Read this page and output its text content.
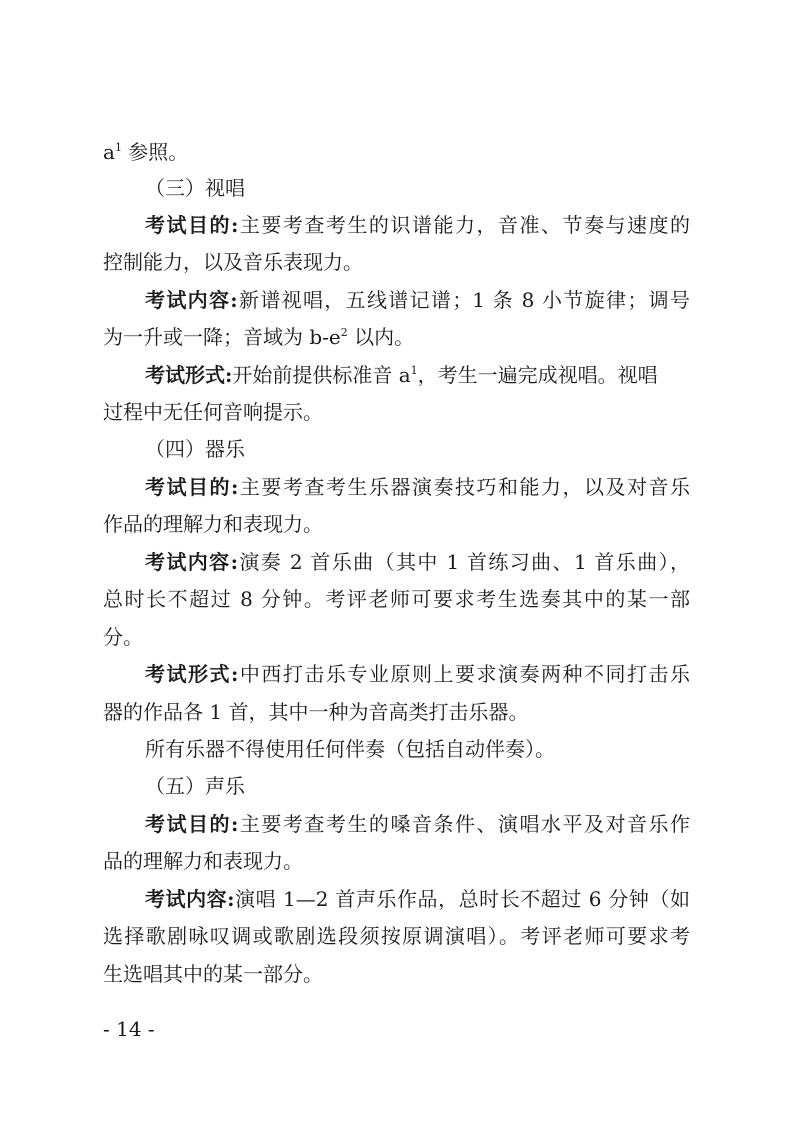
$a^1$ 参照。
（三）视唱
考试目的:主要考查考生的识谱能力，音准、节奏与速度的
控制能力，以及音乐表现力。
考试内容:新谱视唱，五线谱记谱；1 条 8 小节旋律；调号
为一升或一降；音域为 $b-e^2$ 以内。
考试形式:开始前提供标准音 $a^1$，考生一遍完成视唱。视唱
过程中无任何音响提示。
（四）器乐
考试目的:主要考查考生乐器演奏技巧和能力，以及对音乐
作品的理解力和表现力。
考试内容:演奏 2 首乐曲（其中 1 首练习曲、1 首乐曲），
总时长不超过 8 分钟。考评老师可要求考生选奏其中的某一部
分。
考试形式:中西打击乐专业原则上要求演奏两种不同打击乐
器的作品各 1 首，其中一种为音高类打击乐器。
所有乐器不得使用任何伴奏（包括自动伴奏）。
（五）声乐
考试目的:主要考查考生的嗓音条件、演唱水平及对音乐作
品的理解力和表现力。
考试内容:演唱 1—2 首声乐作品，总时长不超过 6 分钟（如
选择歌剧咏叹调或歌剧选段须按原调演唱）。考评老师可要求考
生选唱其中的某一部分。
- 14 -
